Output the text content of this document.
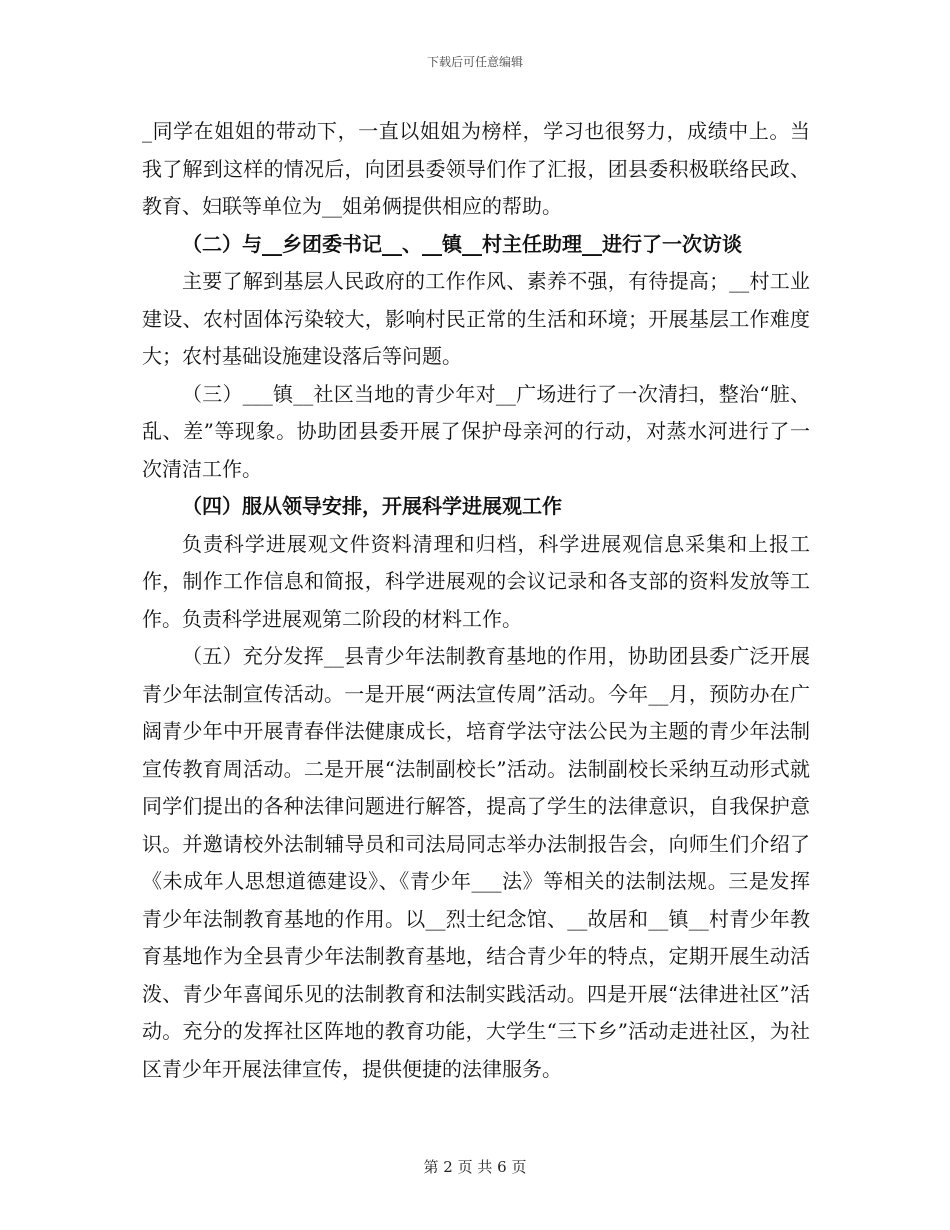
下载后可任意编辑

_同学在姐姐的带动下，一直以姐姐为榜样，学习也很努力，成绩中上。当我了解到这样的情况后，向团县委领导们作了汇报，团县委积极联络民政、教育、妇联等单位为__姐弟俩提供相应的帮助。

（二）与__乡团委书记__、__镇__村主任助理__进行了一次访谈

主要了解到基层人民政府的工作作风、素养不强，有待提高；__村工业建设、农村固体污染较大，影响村民正常的生活和环境；开展基层工作难度大；农村基础设施建设落后等问题。

（三）___镇__社区当地的青少年对__广场进行了一次清扫，整治“脏、乱、差”等现象。协助团县委开展了保护母亲河的行动，对蒸水河进行了一次清洁工作。

（四）服从领导安排，开展科学进展观工作

负责科学进展观文件资料清理和归档，科学进展观信息采集和上报工作，制作工作信息和简报，科学进展观的会议记录和各支部的资料发放等工作。负责科学进展观第二阶段的材料工作。

（五）充分发挥__县青少年法制教育基地的作用，协助团县委广泛开展青少年法制宣传活动。一是开展“两法宣传周”活动。今年__月，预防办在广阔青少年中开展青春伴法健康成长，培育学法守法公民为主题的青少年法制宣传教育周活动。二是开展“法制副校长”活动。法制副校长采纳互动形式就同学们提出的各种法律问题进行解答，提高了学生的法律意识，自我保护意识。并邀请校外法制辅导员和司法局同志举办法制报告会，向师生们介绍了《未成年人思想道德建设》、《青少年___法》等相关的法制法规。三是发挥青少年法制教育基地的作用。以__烈士纪念馆、__故居和__镇__村青少年教育基地作为全县青少年法制教育基地，结合青少年的特点，定期开展生动活泼、青少年喜闻乐见的法制教育和法制实践活动。四是开展“法律进社区”活动。充分的发挥社区阵地的教育功能，大学生“三下乡”活动走进社区，为社区青少年开展法律宣传，提供便捷的法律服务。

第 2 页 共 6 页
